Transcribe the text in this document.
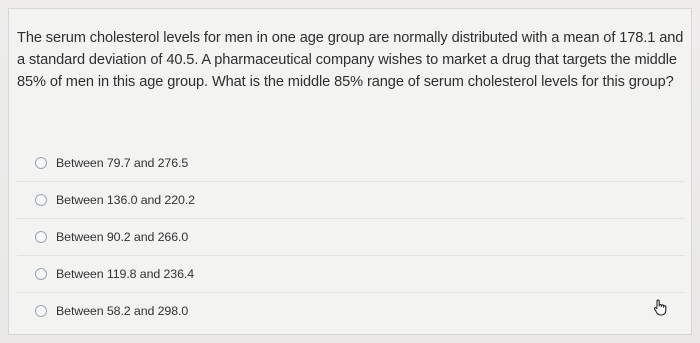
The serum cholesterol levels for men in one age group are normally distributed with a mean of 178.1 and a standard deviation of 40.5. A pharmaceutical company wishes to market a drug that targets the middle 85% of men in this age group. What is the middle 85% range of serum cholesterol levels for this group?

Between 79.7 and 276.5
Between 136.0 and 220.2
Between 90.2 and 266.0
Between 119.8 and 236.4
Between 58.2 and 298.0
